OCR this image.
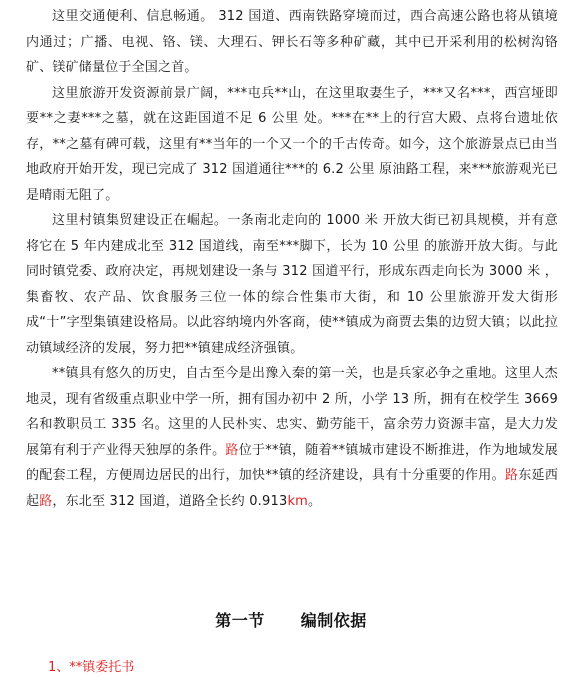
这里交通便利、信息畅通。 312 国道、西南铁路穿境而过，西合高速公路也将从镇境内通过；广播、电视、铬、镁、大理石、钾长石等多种矿藏，其中已开采利用的松树沟铬矿、镁矿储量位于全国之首。

这里旅游开发资源前景广阔，***屯兵**山，在这里取妻生子，***又名***，西宫垭即要**之妻***之墓，就在这距国道不足 6 公里 处。***在**上的行宫大殿、点将台遗址依存，**之墓有碑可载，这里有**当年的一个又一个的千古传奇。如今，这个旅游景点已由当地政府开始开发，现已完成了 312 国道通往***的 6.2 公里 原油路工程，来***旅游观光已是晴雨无阻了。

这里村镇集贸建设正在崛起。一条南北走向的 1000 米 开放大街已初具规模，并有意将它在 5 年内建成北至 312 国道线，南至***脚下，长为 10 公里 的旅游开放大街。与此同时镇党委、政府决定，再规划建设一条与 312 国道平行，形成东西走向长为 3000 米 ，集畜牧、农产品、饮食服务三位一体的综合性集市大街，和 10 公里旅游开发大街形成“十”字型集镇建设格局。以此容纳境内外客商，使**镇成为商贾去集的边贸大镇；以此拉动镇域经济的发展，努力把**镇建成经济强镇。

**镇具有悠久的历史，自古至今是出豫入秦的第一关，也是兵家必争之重地。这里人杰地灵，现有省级重点职业中学一所，拥有国办初中 2 所，小学 13 所，拥有在校学生 3669 名和教职员工 335 名。这里的人民朴实、忠实、勤劳能干，富余劳力资源丰富，是大力发展第有利于产业得天独厚的条件。路位于**镇，随着**镇城市建设不断推进，作为地域发展的配套工程，方便周边居民的出行，加快**镇的经济建设，具有十分重要的作用。路东延西起路，东北至 312 国道，道路全长约 0.913km。

第一节 编制依据
1、**镇委托书
